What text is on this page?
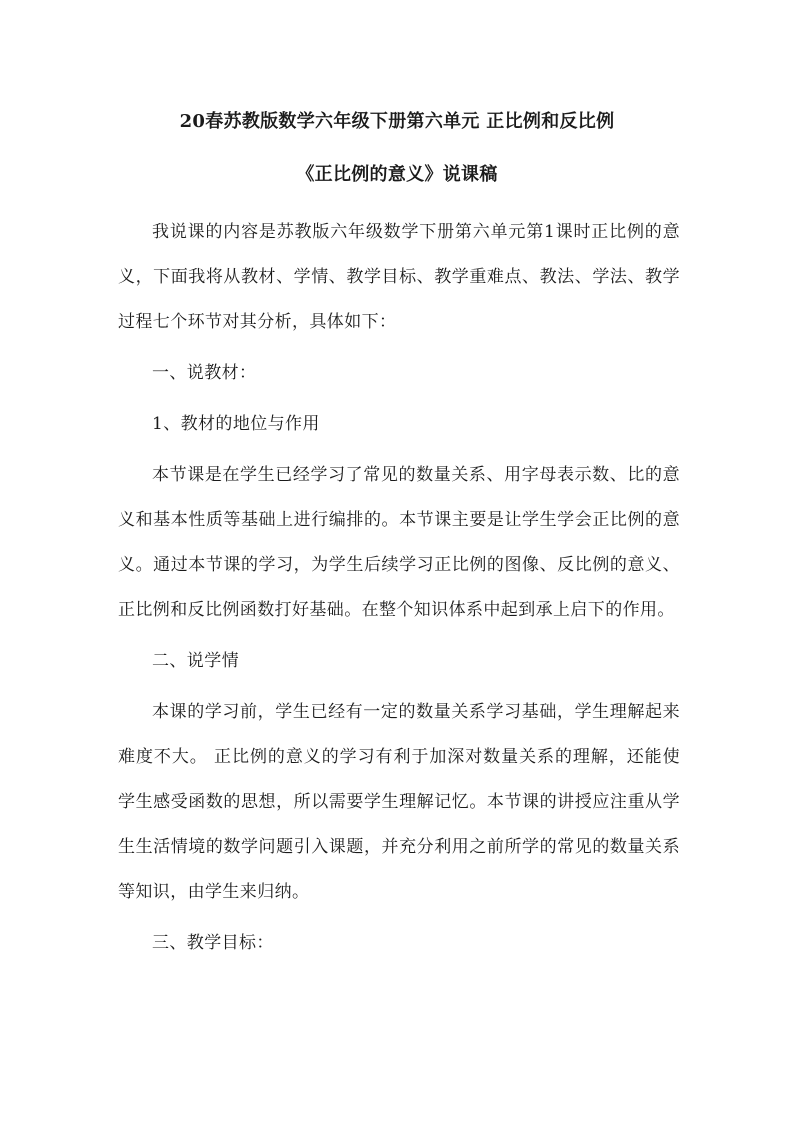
20春苏教版数学六年级下册第六单元 正比例和反比例
《正比例的意义》说课稿

我说课的内容是苏教版六年级数学下册第六单元第1课时正比例的意义，下面我将从教材、学情、教学目标、教学重难点、教法、学法、教学过程七个环节对其分析，具体如下：

一、说教材：

1、教材的地位与作用

本节课是在学生已经学习了常见的数量关系、用字母表示数、比的意义和基本性质等基础上进行编排的。本节课主要是让学生学会正比例的意义。通过本节课的学习，为学生后续学习正比例的图像、反比例的意义、正比例和反比例函数打好基础。在整个知识体系中起到承上启下的作用。

二、说学情

本课的学习前，学生已经有一定的数量关系学习基础，学生理解起来难度不大。 正比例的意义的学习有利于加深对数量关系的理解，还能使学生感受函数的思想，所以需要学生理解记忆。本节课的讲授应注重从学生生活情境的数学问题引入课题，并充分利用之前所学的常见的数量关系等知识，由学生来归纳。

三、教学目标：
